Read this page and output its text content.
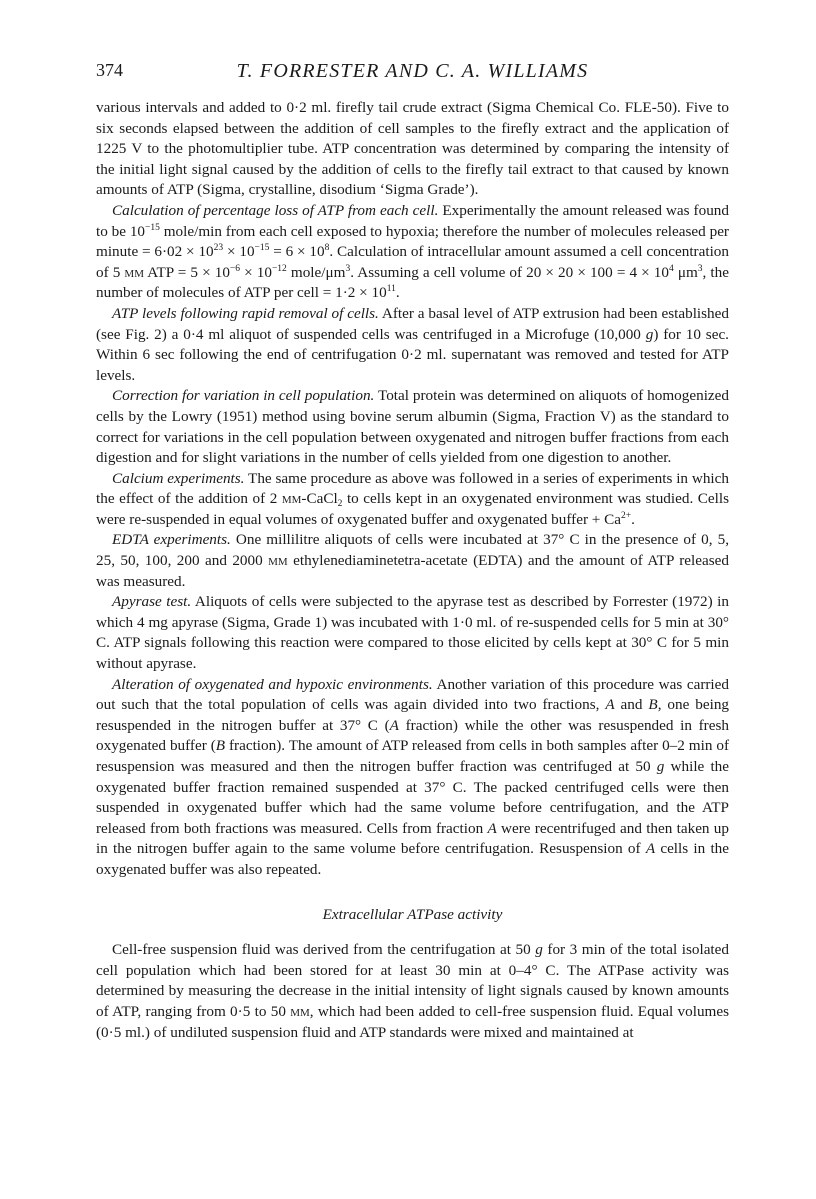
374	T. FORRESTER AND C. A. WILLIAMS

various intervals and added to 0·2 ml. firefly tail crude extract (Sigma Chemical Co. FLE-50). Five to six seconds elapsed between the addition of cell samples to the firefly extract and the application of 1225 V to the photomultiplier tube. ATP concentration was determined by comparing the intensity of the initial light signal caused by the addition of cells to the firefly tail extract to that caused by known amounts of ATP (Sigma, crystalline, disodium ‘Sigma Grade’).

Calculation of percentage loss of ATP from each cell. Experimentally the amount released was found to be $10^{-15}$ mole/min from each cell exposed to hypoxia; therefore the number of molecules released per minute = $6\cdot 02 \times 10^{23} \times 10^{-15} = 6 \times 10^8$. Calculation of intracellular amount assumed a cell concentration of 5 mm ATP = $5 \times 10^{-6} \times 10^{-12}$ mole/$\mu m^3$. Assuming a cell volume of $20 \times 20 \times 100 = 4 \times 10^4$ $\mu m^3$, the number of molecules of ATP per cell = $1\cdot 2 \times 10^{11}$.

ATP levels following rapid removal of cells. After a basal level of ATP extrusion had been established (see Fig. 2) a 0·4 ml aliquot of suspended cells was centrifuged in a Microfuge (10,000 g) for 10 sec. Within 6 sec following the end of centrifugation 0·2 ml. supernatant was removed and tested for ATP levels.

Correction for variation in cell population. Total protein was determined on aliquots of homogenized cells by the Lowry (1951) method using bovine serum albumin (Sigma, Fraction V) as the standard to correct for variations in the cell population between oxygenated and nitrogen buffer fractions from each digestion and for slight variations in the number of cells yielded from one digestion to another.

Calcium experiments. The same procedure as above was followed in a series of experiments in which the effect of the addition of 2 mm-CaCl$_2$ to cells kept in an oxygenated environment was studied. Cells were re-suspended in equal volumes of oxygenated buffer and oxygenated buffer + $Ca^{2+}$.

EDTA experiments. One millilitre aliquots of cells were incubated at 37° C in the presence of 0, 5, 25, 50, 100, 200 and 2000 μm ethylenediaminetetra-acetate (EDTA) and the amount of ATP released was measured.

Apyrase test. Aliquots of cells were subjected to the apyrase test as described by Forrester (1972) in which 4 mg apyrase (Sigma, Grade 1) was incubated with 1·0 ml. of re-suspended cells for 5 min at 30° C. ATP signals following this reaction were compared to those elicited by cells kept at 30° C for 5 min without apyrase.

Alteration of oxygenated and hypoxic environments. Another variation of this procedure was carried out such that the total population of cells was again divided into two fractions, A and B, one being resuspended in the nitrogen buffer at 37° C (A fraction) while the other was resuspended in fresh oxygenated buffer (B fraction). The amount of ATP released from cells in both samples after 0–2 min of resuspension was measured and then the nitrogen buffer fraction was centrifuged at 50 g while the oxygenated buffer fraction remained suspended at 37° C. The packed centrifuged cells were then suspended in oxygenated buffer which had the same volume before centrifugation, and the ATP released from both fractions was measured. Cells from fraction A were recentrifuged and then taken up in the nitrogen buffer again to the same volume before centrifugation. Resuspension of A cells in the oxygenated buffer was also repeated.

Extracellular ATPase activity

Cell-free suspension fluid was derived from the centrifugation at 50 g for 3 min of the total isolated cell population which had been stored for at least 30 min at 0–4° C. The ATPase activity was determined by measuring the decrease in the initial intensity of light signals caused by known amounts of ATP, ranging from 0·5 to 50 μm, which had been added to cell-free suspension fluid. Equal volumes (0·5 ml.) of undiluted suspension fluid and ATP standards were mixed and maintained at
